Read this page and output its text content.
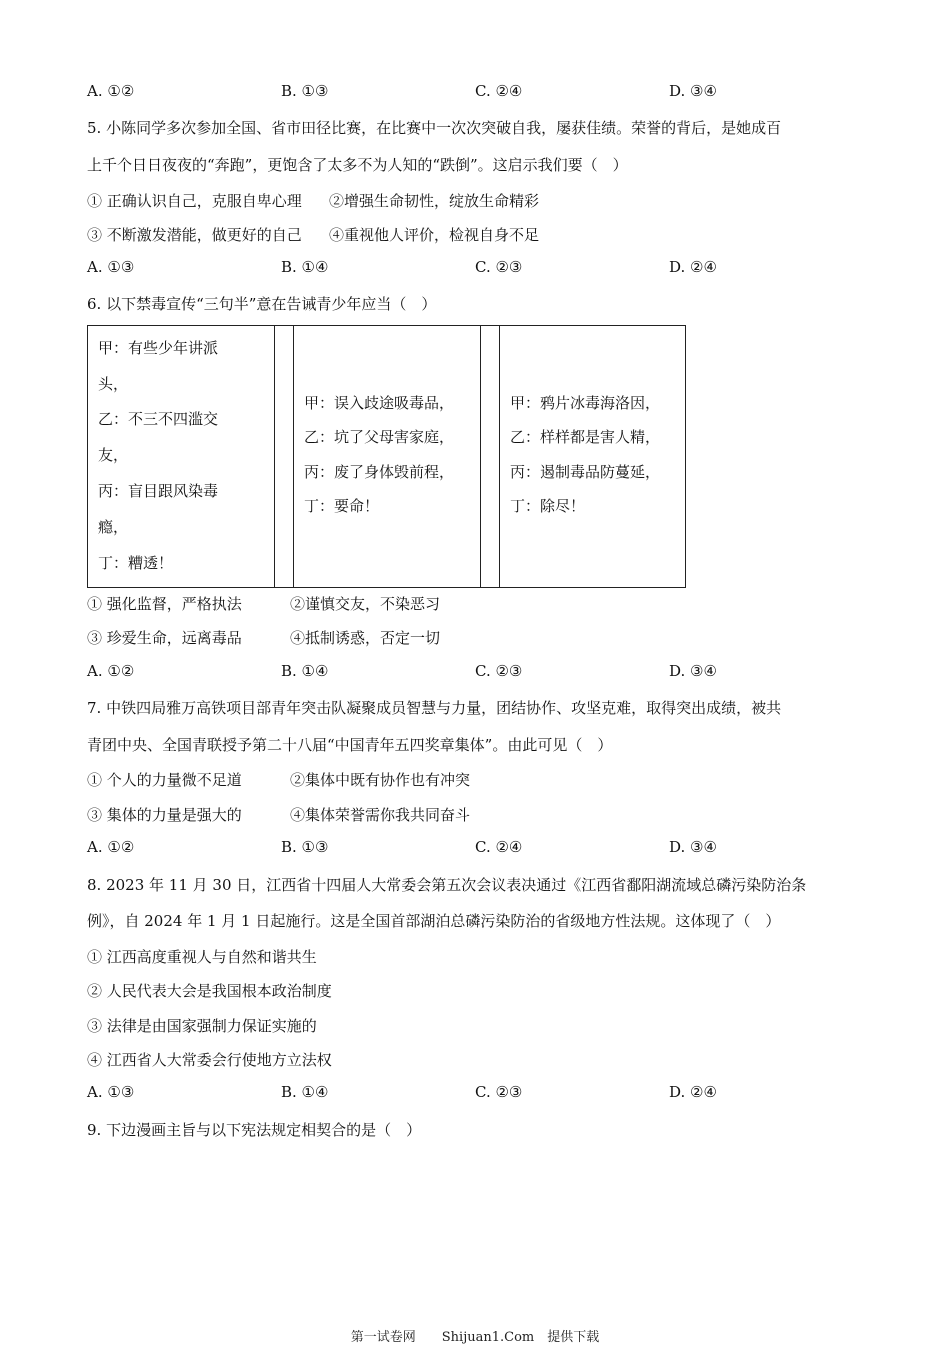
A. ①②	B. ①③	C. ②④	D. ③④
5. 小陈同学多次参加全国、省市田径比赛，在比赛中一次次突破自我，屡获佳绩。荣誉的背后，是她成百
上千个日日夜夜的“奔跑”，更饱含了太多不为人知的“跌倒”。这启示我们要（　）
① 正确认识自己，克服自卑心理 ②增强生命韧性，绽放生命精彩
③ 不断激发潜能，做更好的自己 ④重视他人评价，检视自身不足
A. ①③	B. ①④	C. ②③	D. ②④
6. 以下禁毒宣传“三句半”意在告诫青少年应当（　）
甲：有些少年讲派
头，
乙：不三不四滥交
友，
丙：盲目跟风染毒
瘾，
丁：糟透！
甲：误入歧途吸毒品，
乙：坑了父母害家庭，
丙：废了身体毁前程，
丁：要命！
甲：鸦片冰毒海洛因，
乙：样样都是害人精，
丙：遏制毒品防蔓延，
丁：除尽！
① 强化监督，严格执法	②谨慎交友，不染恶习
③ 珍爱生命，远离毒品	④抵制诱惑，否定一切
A. ①②	B. ①④	C. ②③	D. ③④
7. 中铁四局雅万高铁项目部青年突击队凝聚成员智慧与力量，团结协作、攻坚克难，取得突出成绩，被共
青团中央、全国青联授予第二十八届“中国青年五四奖章集体”。由此可见（　）
① 个人的力量微不足道	②集体中既有协作也有冲突
③ 集体的力量是强大的	④集体荣誉需你我共同奋斗
A. ①②	B. ①③	C. ②④	D. ③④
8. 2023 年 11 月 30 日，江西省十四届人大常委会第五次会议表决通过《江西省鄱阳湖流域总磷污染防治条
例》，自 2024 年 1 月 1 日起施行。这是全国首部湖泊总磷污染防治的省级地方性法规。这体现了（　）
① 江西高度重视人与自然和谐共生
② 人民代表大会是我国根本政治制度
③ 法律是由国家强制力保证实施的
④ 江西省人大常委会行使地方立法权
A. ①③	B. ①④	C. ②③	D. ②④
9. 下边漫画主旨与以下宪法规定相契合的是（　）
第一试卷网　　Shijuan1.Com　提供下载
